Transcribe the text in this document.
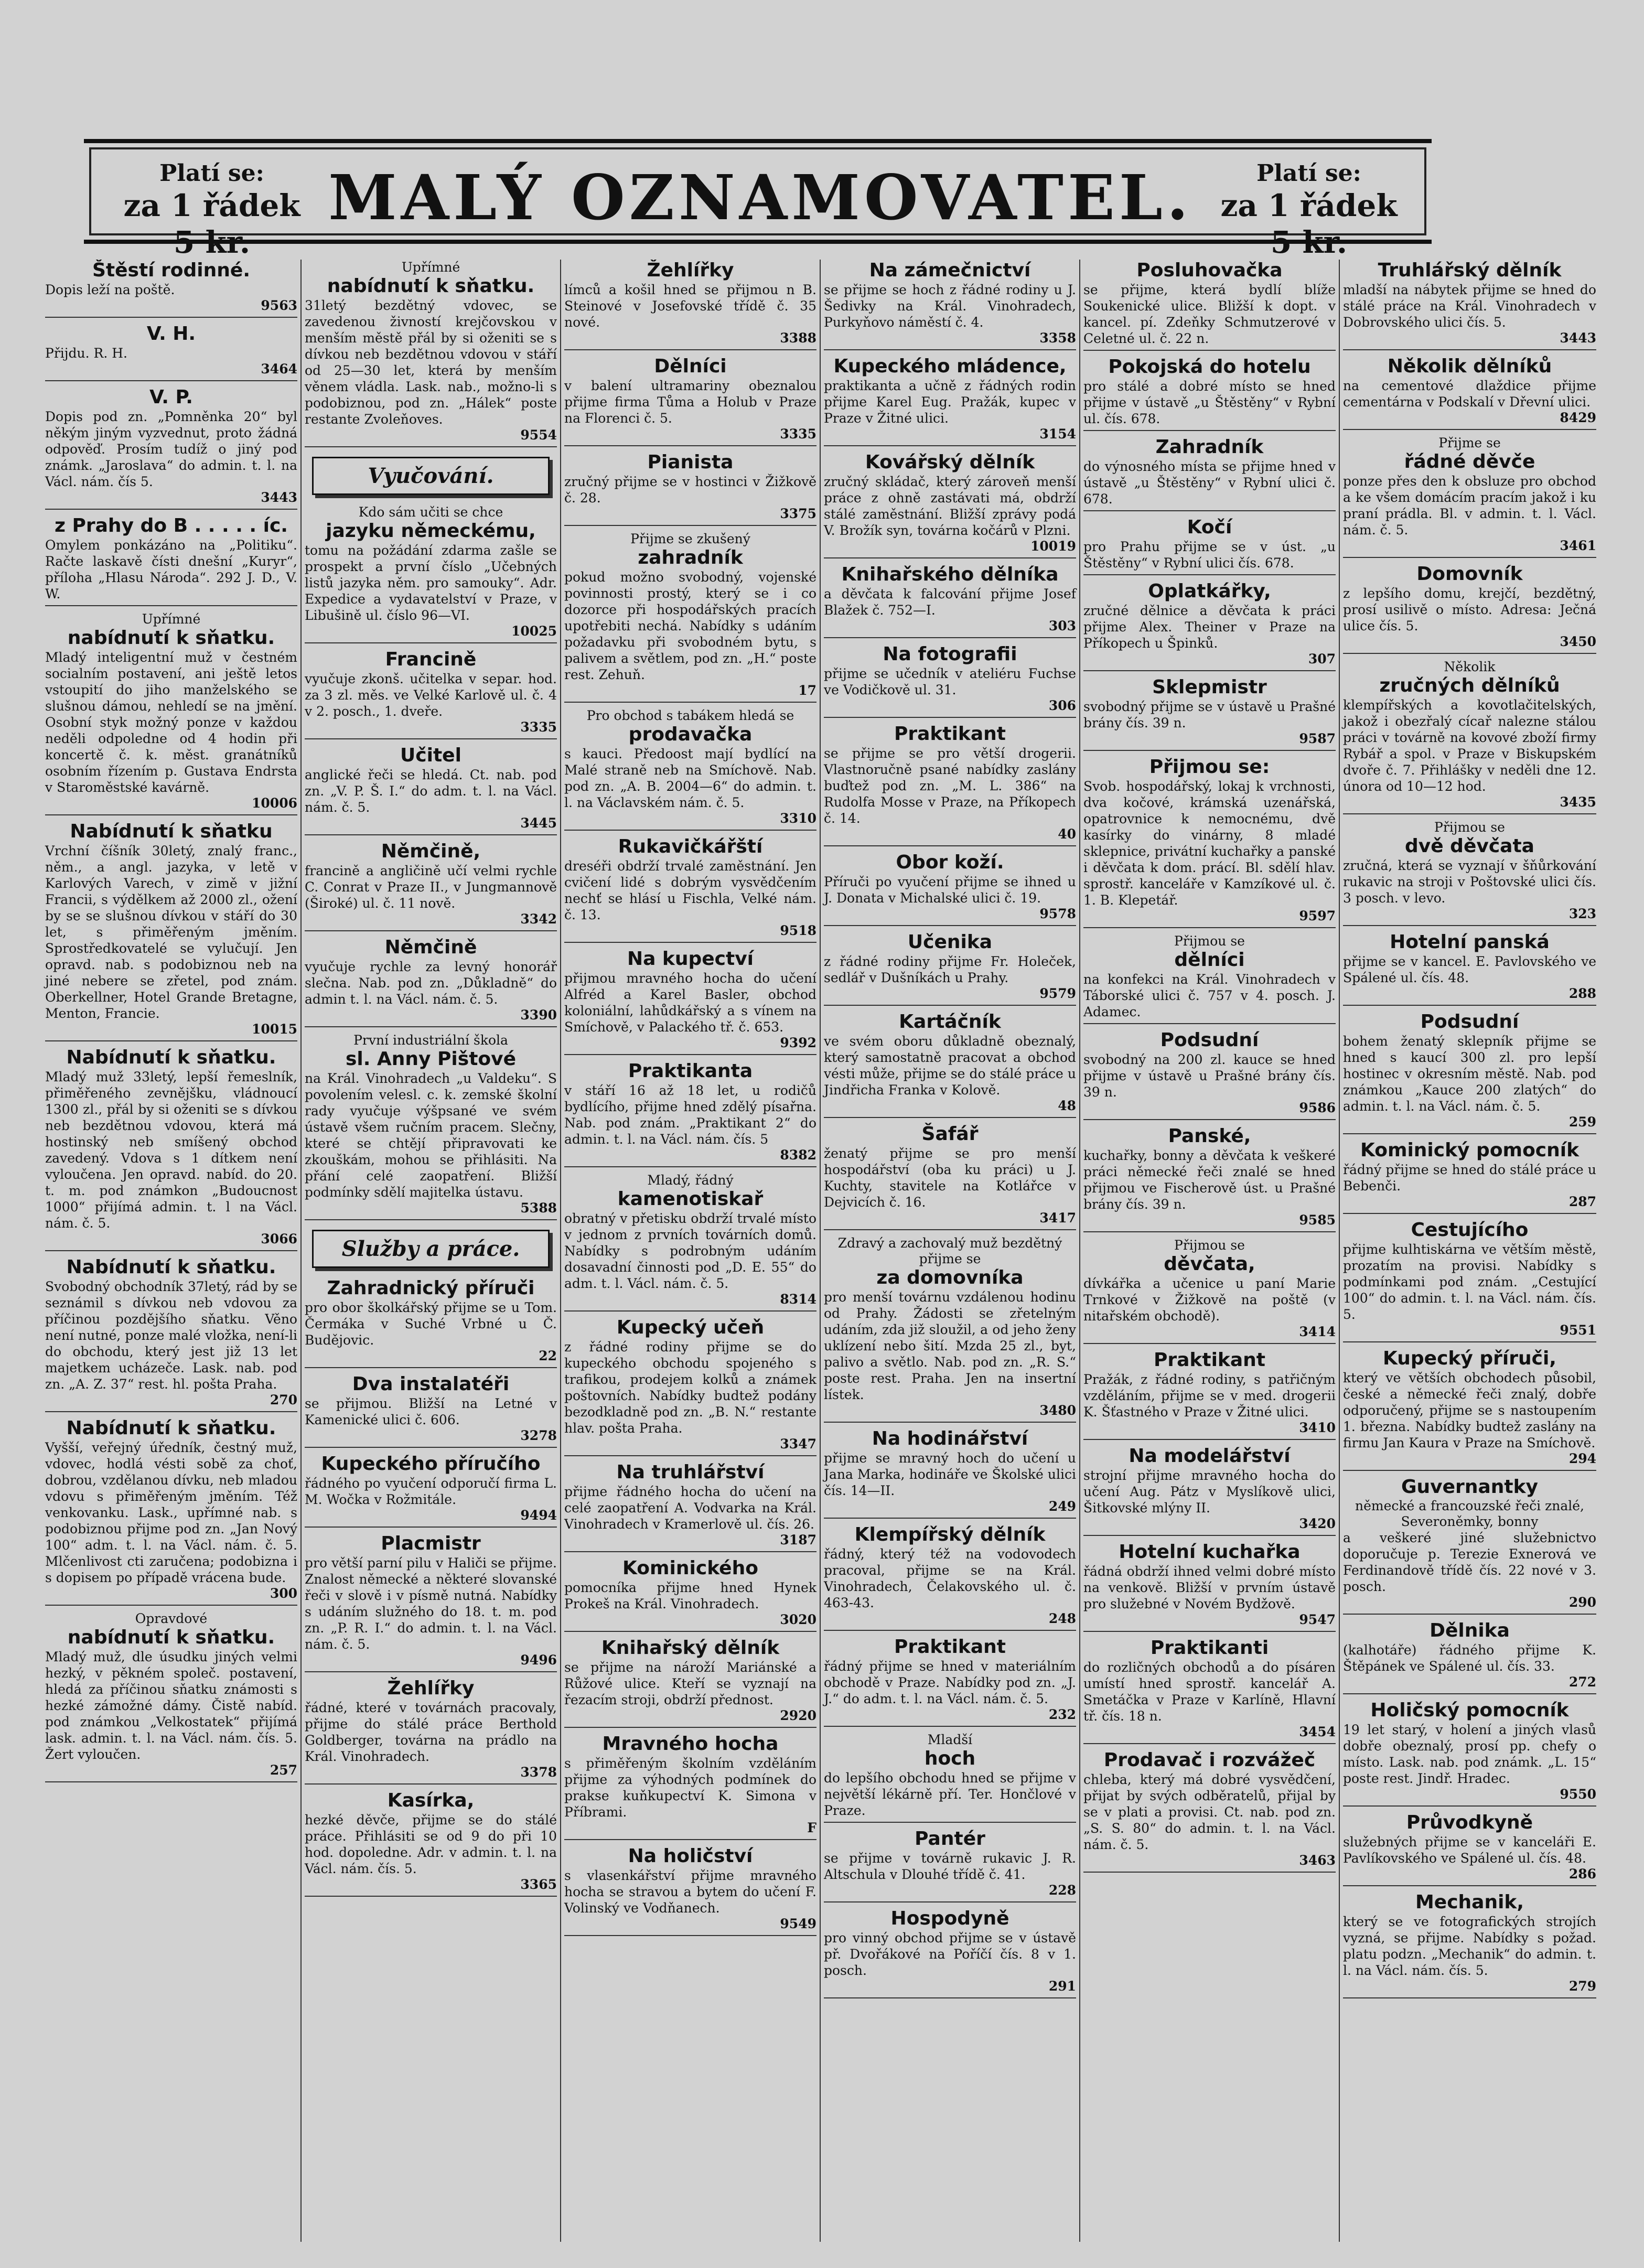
Platí se:
za 1 řádek 5 kr.
MALÝ OZNAMOVATEL.	Platí se:
za 1 řádek 5 kr.
Štěstí rodinné.
Dopis leží na poště.
9563
V. H.
Přijdu. R. H.
3464
V. P.
Dopis pod zn. „Pomněnka 20“ byl někým jiným vyzvednut, proto žádná odpověď. Prosím tudíž o jiný pod známk. „Jaroslava“ do admin. t. l. na Václ. nám. čís 5.
3443
z Prahy do B . . . . . íc.
Omylem ponkázáno na „Politiku“. Račte laskavě čísti dnešní „Kuryr“, příloha „Hlasu Národa“. 292 J. D., V. W.
Upřímné
nabídnutí k sňatku.
Mladý inteligentní muž v čestném socialním postavení, ani ještě letos vstoupití do jiho manželského se slušnou dámou, nehledí se na jmění. Osobní styk možný ponze v každou neděli odpoledne od 4 hodin při koncertě č. k. měst. granátníků osobním řízením p. Gustava Endrsta v Staroměstské kavárně.
10006
Nabídnutí k sňatku
Vrchní číšník 30letý, znalý franc., něm., a angl. jazyka, v letě v Karlových Varech, v zimě v jižní Francii, s výdělkem až 2000 zl., ožení by se se slušnou dívkou v stáří do 30 let, s přiměřeným jměním. Sprostředkovatelé se vylučují. Jen opravd. nab. s podobiznou neb na jiné nebere se zřetel, pod znám. Oberkellner, Hotel Grande Bretagne, Menton, Francie.
10015
Nabídnutí k sňatku.
Mladý muž 33letý, lepší řemeslník, přiměřeného zevnějšku, vládnoucí 1300 zl., přál by si oženiti se s dívkou neb bezdětnou vdovou, která má hostinský neb smíšený obchod zavedený. Vdova s 1 dítkem není vyloučena. Jen opravd. nabíd. do 20. t. m. pod známkon „Budoucnost 1000“ přijímá admin. t. l na Václ. nám. č. 5.
3066
Nabídnutí k sňatku.
Svobodný obchodník 37letý, rád by se seznámil s dívkou neb vdovou za příčinou pozdějšího sňatku. Věno není nutné, ponze malé vložka, není-li do obchodu, který jest již 13 let majetkem ucházeče. Lask. nab. pod zn. „A. Z. 37“ rest. hl. pošta Praha.
270
Nabídnutí k sňatku.
Vyšší, veřejný úředník, čestný muž, vdovec, hodlá vésti sobě za choť, dobrou, vzdělanou dívku, neb mladou vdovu s přiměřeným jměním. Též venkovanku. Lask., upřímné nab. s podobiznou přijme pod zn. „Jan Nový 100“ adm. t. l. na Václ. nám. č. 5. Mlčenlivost cti zaručena; podobizna i s dopisem po případě vrácena bude.
300
Opravdové
nabídnutí k sňatku.
Mladý muž, dle úsudku jiných velmi hezký, v pěkném společ. postavení, hledá za příčinou sňatku známosti s hezké zámožné dámy. Čistě nabíd. pod známkou „Velkostatek“ přijímá lask. admin. t. l. na Václ. nám. čís. 5. Žert vyloučen.
257
Upřímné
nabídnutí k sňatku.
31letý bezdětný vdovec, se zavedenou živností krejčovskou v menším městě přál by si oženiti se s dívkou neb bezdětnou vdovou v stáří od 25—30 let, která by menším věnem vládla. Lask. nab., možno-li s podobiznou, pod zn. „Hálek“ poste restante Zvoleňoves.
9554
Vyučování.
Kdo sám učiti se chce
jazyku německému,
tomu na požádání zdarma zašle se prospekt a první číslo „Učebných listů jazyka něm. pro samouky“. Adr. Expedice a vydavatelství v Praze, v Libušině ul. číslo 96—VI.
10025
Francině
vyučuje zkonš. učitelka v separ. hod. za 3 zl. měs. ve Velké Karlově ul. č. 4 v 2. posch., 1. dveře.
3335
Učitel
anglické řeči se hledá. Ct. nab. pod zn. „V. P. Š. I.“ do adm. t. l. na Václ. nám. č. 5.
3445
Němčině,
francině a angličině učí velmi rychle C. Conrat v Praze II., v Jungmannově (Široké) ul. č. 11 nově.
3342
Němčině
vyučuje rychle za levný honorář slečna. Nab. pod zn. „Důkladně“ do admin t. l. na Václ. nám. č. 5.
3390
První industriální škola
sl. Anny Pištové
na Král. Vinohradech „u Valdeku“. S povolením velesl. c. k. zemské školní rady vyučuje výšpsané ve svém ústavě všem ručním pracem. Slečny, které se chtějí připravovati ke zkouškám, mohou se přihlásiti. Na přání celé zaopatření. Bližší podmínky sdělí majitelka ústavu.
5388
Služby a práce.
Zahradnický příruči
pro obor školkářský přijme se u Tom. Čermáka v Suché Vrbné u Č. Budějovic.
22
Dva instalatéři
se přijmou. Bližší na Letné v Kamenické ulici č. 606.
3278
Kupeckého příručího
řádného po vyučení odporučí firma L. M. Wočka v Rožmitále.
9494
Placmistr
pro větší parní pilu v Haliči se přijme. Znalost německé a některé slovanské řeči v slově i v písmě nutná. Nabídky s udáním služného do 18. t. m. pod zn. „P. R. I.“ do admin. t. l. na Václ. nám. č. 5.
9496
Žehlířky
řádné, které v továrnách pracovaly, přijme do stálé práce Berthold Goldberger, továrna na prádlo na Král. Vinohradech.
3378
Kasírka,
hezké děvče, přijme se do stálé práce. Přihlásiti se od 9 do při 10 hod. dopoledne. Adr. v admin. t. l. na Václ. nám. čís. 5.
3365
Žehlířky
límců a košil hned se přijmou n B. Steinové v Josefovské třídě č. 35 nové.
3388
Dělníci
v balení ultramariny obeznalou přijme firma Tůma a Holub v Praze na Florenci č. 5.
3335
Pianista
zručný přijme se v hostinci v Žižkově č. 28.
3375
Přijme se zkušený
zahradník
pokud možno svobodný, vojenské povinnosti prostý, který se i co dozorce při hospodářských pracích upotřebiti nechá. Nabídky s udáním požadavku při svobodném bytu, s palivem a světlem, pod zn. „H.“ poste rest. Zehuň.
17
Pro obchod s tabákem hledá se
prodavačka
s kauci. Předoost mají bydlící na Malé straně neb na Smíchově. Nab. pod zn. „A. B. 2004—6“ do admin. t. l. na Václavském nám. č. 5.
3310
Rukavičkářští
dreséři obdrží trvalé zaměstnání. Jen cvičení lidé s dobrým vysvědčením nechť se hlásí u Fischla, Velké nám. č. 13.
9518
Na kupectví
přijmou mravného hocha do učení Alfréd a Karel Basler, obchod koloniální, lahůdkářský a s vínem na Smíchově, v Palackého tř. č. 653.
9392
Praktikanta
v stáří 16 až 18 let, u rodičů bydlícího, přijme hned zdělý písařna. Nab. pod znám. „Praktikant 2“ do admin. t. l. na Václ. nám. čís. 5
8382
Mladý, řádný
kamenotiskař
obratný v přetisku obdrží trvalé místo v jednom z prvních továrních domů. Nabídky s podrobným udáním dosavadní činnosti pod „D. E. 55“ do adm. t. l. Václ. nám. č. 5.
8314
Kupecký učeň
z řádné rodiny přijme se do kupeckého obchodu spojeného s trafikou, prodejem kolků a známek poštovních. Nabídky budtež podány bezodkladně pod zn. „B. N.“ restante hlav. pošta Praha.
3347
Na truhlářství
přijme řádného hocha do učení na celé zaopatření A. Vodvarka na Král. Vinohradech v Kramerlově ul. čís. 26.
3187
Kominického
pomocníka přijme hned Hynek Prokeš na Král. Vinohradech.
3020
Knihařský dělník
se přijme na nároží Mariánské a Růžové ulice. Kteří se vyznají na řezacím stroji, obdrží přednost.
2920
Mravného hocha
s přiměřeným školním vzděláním přijme za výhodných podmínek do prakse kuňkupectví K. Simona v Příbrami.
F
Na holičství
s vlasenkářství přijme mravného hocha se stravou a bytem do učení F. Volinský ve Vodňanech.
9549
Na zámečnictví
se přijme se hoch z řádné rodiny u J. Šedivky na Král. Vinohradech, Purkyňovo náměstí č. 4.
3358
Kupeckého mládence,
praktikanta a učně z řádných rodin přijme Karel Eug. Pražák, kupec v Praze v Žitné ulici.
3154
Kovářský dělník
zručný skládač, který zároveň menší práce z ohně zastávati má, obdrží stálé zaměstnání. Bližší zprávy podá V. Brožík syn, továrna kočárů v Plzni.
10019
Knihařského dělníka
a děvčata k falcování přijme Josef Blažek č. 752—I.
303
Na fotografii
přijme se učedník v ateliéru Fuchse ve Vodičkově ul. 31.
306
Praktikant
se přijme se pro větší drogerii. Vlastnoručně psané nabídky zaslány buďtež pod zn. „M. L. 386“ na Rudolfa Mosse v Praze, na Příkopech č. 14.
40
Obor koží.
Příruči po vyučení přijme se ihned u J. Donata v Michalské ulici č. 19.
9578
Učenika
z řádné rodiny přijme Fr. Holeček, sedlář v Dušníkách u Prahy.
9579
Kartáčník
ve svém oboru důkladně obeznalý, který samostatně pracovat a obchod vésti může, přijme se do stálé práce u Jindřicha Franka v Kolově.
48
Šafář
ženatý přijme se pro menší hospodářství (oba ku práci) u J. Kuchty, stavitele na Kotlářce v Dejvicích č. 16.
3417
Zdravý a zachovalý muž bezdětný přijme se
za domovníka
pro menší továrnu vzdálenou hodinu od Prahy. Žádosti se zřetelným udáním, zda již sloužil, a od jeho ženy uklízení nebo šití. Mzda 25 zl., byt, palivo a světlo. Nab. pod zn. „R. S.“ poste rest. Praha. Jen na insertní lístek.
3480
Na hodinářství
přijme se mravný hoch do učení u Jana Marka, hodináře ve Školské ulici čís. 14—II.
249
Klempířský dělník
řádný, který též na vodovodech pracoval, přijme se na Král. Vinohradech, Čelakovského ul. č. 463-43.
248
Praktikant
řádný přijme se hned v materiálním obchodě v Praze. Nabídky pod zn. „J. J.“ do adm. t. l. na Václ. nám. č. 5.
232
Mladší
hoch
do lepšího obchodu hned se přijme v největší lékárně pří. Ter. Hončlové v Praze.
Pantér
se přijme v továrně rukavic J. R. Altschula v Dlouhé třídě č. 41.
228
Hospodyně
pro vinný obchod přijme se v ústavě př. Dvořákové na Poříčí čís. 8 v 1. posch.
291
Posluhovačka
se přijme, která bydlí blíže Soukenické ulice. Bližší k dopt. v kancel. pí. Zdeňky Schmutzerové v Celetné ul. č. 22 n.
Pokojská do hotelu
pro stálé a dobré místo se hned přijme v ústavě „u Štěstěny“ v Rybní ul. čís. 678.
Zahradník
do výnosného místa se přijme hned v ústavě „u Štěstěny“ v Rybní ulici č. 678.
Kočí
pro Prahu přijme se v úst. „u Štěstěny“ v Rybní ulici čís. 678.
Oplatkářky,
zručné dělnice a děvčata k práci přijme Alex. Theiner v Praze na Příkopech u Špinků.
307
Sklepmistr
svobodný přijme se v ústavě u Prašné brány čís. 39 n.
9587
Přijmou se:
Svob. hospodářský, lokaj k vrchnosti, dva kočové, krámská uzenářská, opatrovnice k nemocnému, dvě kasírky do vinárny, 8 mladé sklepnice, privátní kuchařky a panské i děvčata k dom. prácí. Bl. sdělí hlav. sprostř. kanceláře v Kamzíkové ul. č. 1. B. Klepetář.
9597
Přijmou se
dělníci
na konfekci na Král. Vinohradech v Táborské ulici č. 757 v 4. posch. J. Adamec.
Podsudní
svobodný na 200 zl. kauce se hned přijme v ústavě u Prašné brány čís. 39 n.
9586
Panské,
kuchařky, bonny a děvčata k veškeré práci německé řeči znalé se hned přijmou ve Fischerově úst. u Prašné brány čís. 39 n.
9585
Přijmou se
děvčata,
dívkářka a učenice u paní Marie Trnkové v Žižkově na poště (v nitařském obchodě).
3414
Praktikant
Pražák, z řádné rodiny, s patřičným vzděláním, přijme se v med. drogerii K. Šťastného v Praze v Žitné ulici.
3410
Na modelářství
strojní přijme mravného hocha do učení Aug. Pátz v Myslíkově ulici, Šitkovské mlýny II.
3420
Hotelní kuchařka
řádná obdrží ihned velmi dobré místo na venkově. Bližší v prvním ústavě pro služebné v Novém Bydžově.
9547
Praktikanti
do rozličných obchodů a do písáren umístí hned sprostř. kancelář A. Smetáčka v Praze v Karlíně, Hlavní tř. čís. 18 n.
3454
Prodavač i rozvážeč
chleba, který má dobré vysvědčení, přijat by svých odběratelů, přijal by se v plati a provisi. Ct. nab. pod zn. „S. S. 80“ do admin. t. l. na Václ. nám. č. 5.
3463
Truhlářský dělník
mladší na nábytek přijme se hned do stálé práce na Král. Vinohradech v Dobrovského ulici čís. 5.
3443
Několik dělníků
na cementové dlaždice přijme cementárna v Podskalí v Dřevní ulici.
8429
Přijme se
řádné děvče
ponze přes den k obsluze pro obchod a ke všem domácím pracím jakož i ku praní prádla. Bl. v admin. t. l. Václ. nám. č. 5.
3461
Domovník
z lepšího domu, krejčí, bezdětný, prosí usilivě o místo. Adresa: Ječná ulice čís. 5.
3450
Několik
zručných dělníků
klempířských a kovotlačitelských, jakož i obezřalý cícař nalezne stálou práci v továrně na kovové zboží firmy Rybář a spol. v Praze v Biskupském dvoře č. 7. Přihlášky v neděli dne 12. února od 10—12 hod.
3435
Přijmou se
dvě děvčata
zručná, která se vyznají v šňůrkování rukavic na stroji v Poštovské ulici čís. 3 posch. v levo.
323
Hotelní panská
přijme se v kancel. E. Pavlovského ve Spálené ul. čís. 48.
288
Podsudní
bohem ženatý sklepník přijme se hned s kaucí 300 zl. pro lepší hostinec v okresním městě. Nab. pod známkou „Kauce 200 zlatých“ do admin. t. l. na Václ. nám. č. 5.
259
Kominický pomocník
řádný přijme se hned do stálé práce u Bebenči.
287
Cestujícího
přijme kulhtiskárna ve větším městě, prozatím na provisi. Nabídky s podmínkami pod znám. „Cestující 100“ do admin. t. l. na Václ. nám. čís. 5.
9551
Kupecký příruči,
který ve větších obchodech působil, české a německé řeči znalý, dobře odporučený, přijme se s nastoupením 1. března. Nabídky budtež zaslány na firmu Jan Kaura v Praze na Smíchově.
294
Guvernantky
německé a francouzské řeči znalé, Severoněmky, bonny
a veškeré jiné služebnictvo doporučuje p. Terezie Exnerová ve Ferdinandově třídě čís. 22 nové v 3. posch.
290
Dělnika
(kalhotáře) řádného přijme K. Štěpánek ve Spálené ul. čís. 33.
272
Holičský pomocník
19 let starý, v holení a jiných vlasů dobře obeznalý, prosí pp. chefy o místo. Lask. nab. pod známk. „L. 15“ poste rest. Jindř. Hradec.
9550
Průvodkyně
služebných přijme se v kanceláři E. Pavlíkovského ve Spálené ul. čís. 48.
286
Mechanik,
který se ve fotografických strojích vyzná, se přijme. Nabídky s požad. platu podzn. „Mechanik“ do admin. t. l. na Václ. nám. čís. 5.
279
